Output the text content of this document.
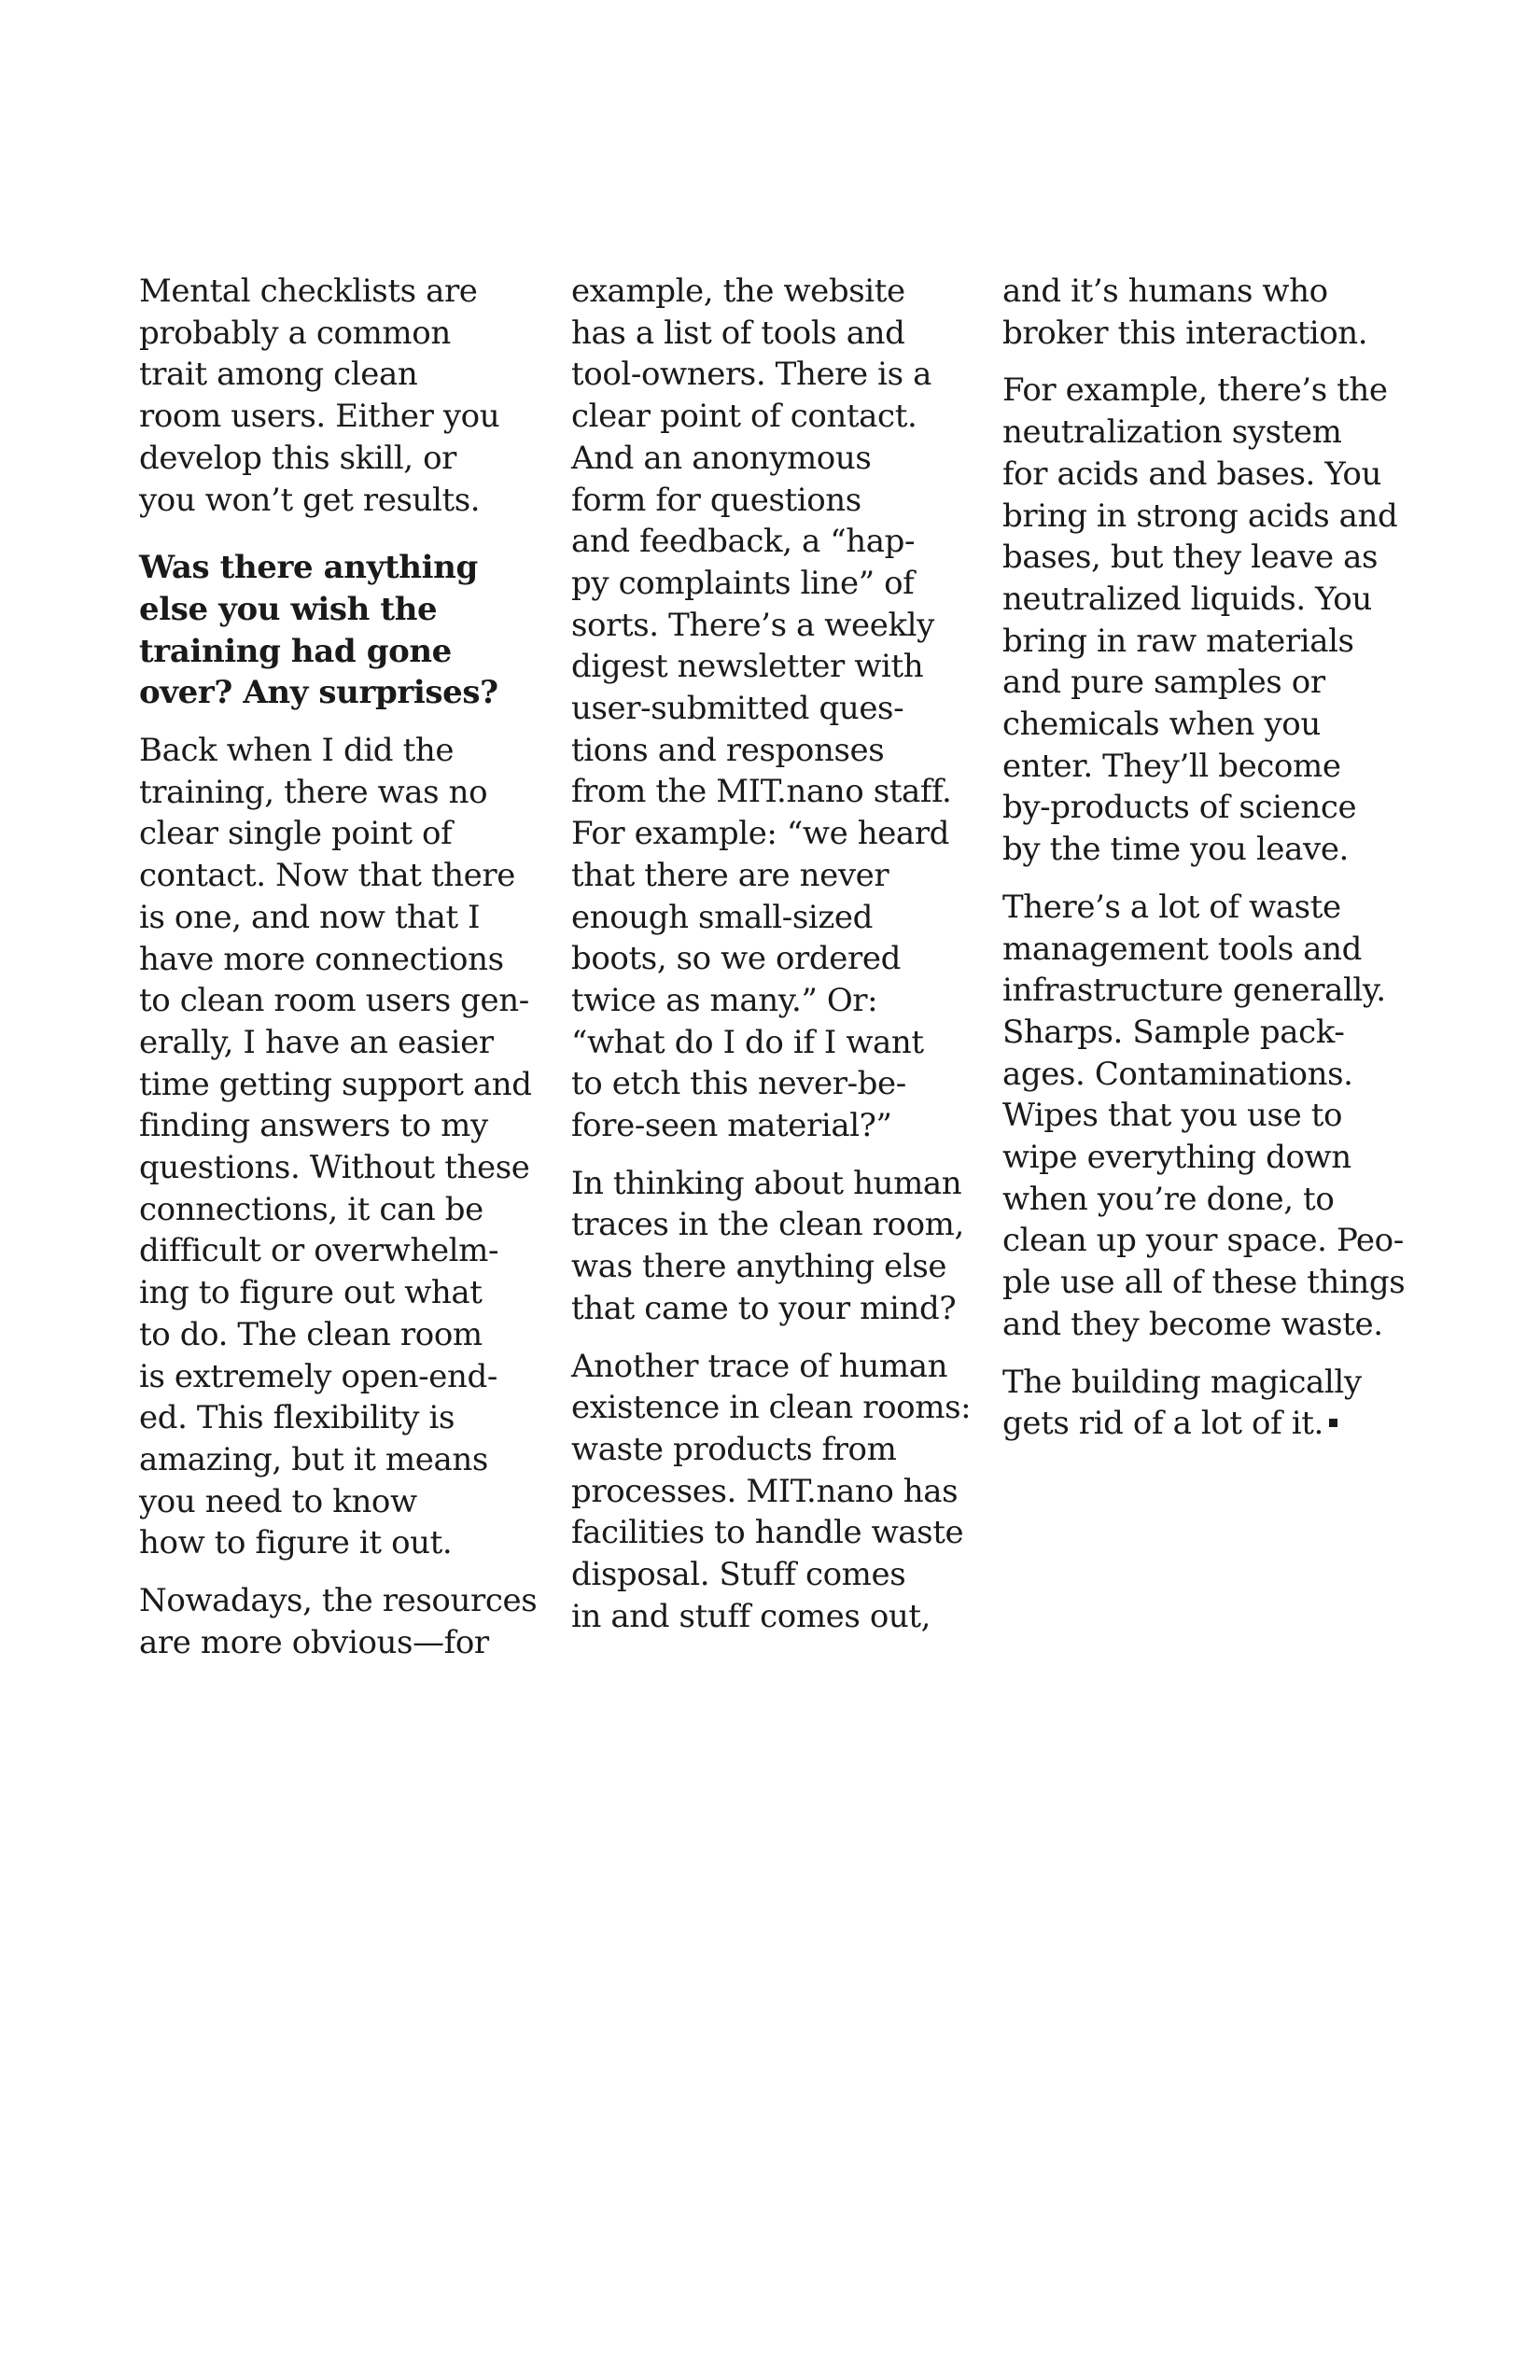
Mental checklists are
probably a common
trait among clean
room users. Either you
develop this skill, or
you won’t get results.
Was there anything
else you wish the
training had gone
over? Any surprises?
Back when I did the
training, there was no
clear single point of
contact. Now that there
is one, and now that I
have more connections
to clean room users gen-
erally, I have an easier
time getting support and
finding answers to my
questions. Without these
connections, it can be
difficult or overwhelm-
ing to figure out what
to do. The clean room
is extremely open-end-
ed. This flexibility is
amazing, but it means
you need to know
how to figure it out.
Nowadays, the resources
are more obvious—for
example, the website
has a list of tools and
tool-owners. There is a
clear point of contact.
And an anonymous
form for questions
and feedback, a “hap-
py complaints line” of
sorts. There’s a weekly
digest newsletter with
user-submitted ques-
tions and responses
from the MIT.nano staff.
For example: “we heard
that there are never
enough small-sized
boots, so we ordered
twice as many.” Or:
“what do I do if I want
to etch this never-be-
fore-seen material?”
In thinking about human
traces in the clean room,
was there anything else
that came to your mind?
Another trace of human
existence in clean rooms:
waste products from
processes. MIT.nano has
facilities to handle waste
disposal. Stuff comes
in and stuff comes out,
and it’s humans who
broker this interaction.
For example, there’s the
neutralization system
for acids and bases. You
bring in strong acids and
bases, but they leave as
neutralized liquids. You
bring in raw materials
and pure samples or
chemicals when you
enter. They’ll become
by-products of science
by the time you leave.
There’s a lot of waste
management tools and
infrastructure generally.
Sharps. Sample pack-
ages. Contaminations.
Wipes that you use to
wipe everything down
when you’re done, to
clean up your space. Peo-
ple use all of these things
and they become waste.
The building magically
gets rid of a lot of it.
